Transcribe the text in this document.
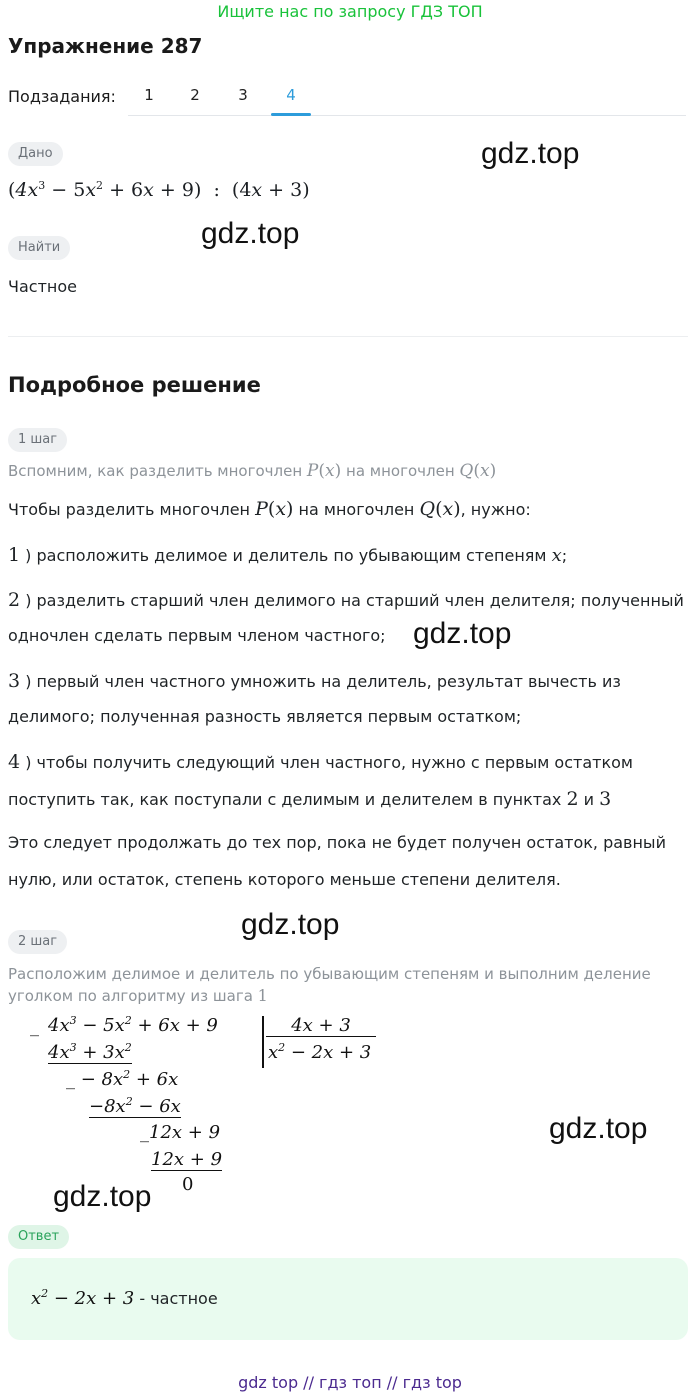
Ищите нас по запросу ГДЗ ТОП
Упражнение 287
Подзадания:	1	2	3	4
Дано	gdz.top
$(4x^3 - 5x^2 + 6x + 9)$  :  (4x + 3)
Найти	gdz.top
Частное
Подробное решение
1 шаг
Вспомним, как разделить многочлен P(x) на многочлен Q(x)
Чтобы разделить многочлен P(x) на многочлен Q(x), нужно:
1 ) расположить делимое и делитель по убывающим степеням x;
2 ) разделить старший член делимого на старший член делителя; полученный
одночлен сделать первым членом частного; gdz.top
3 ) первый член частного умножить на делитель, результат вычесть из
делимого; полученная разность является первым остатком;
4 ) чтобы получить следующий член частного, нужно с первым остатком
поступить так, как поступали с делимым и делителем в пунктах 2 и 3
Это следует продолжать до тех пор, пока не будет получен остаток, равный
нулю, или остаток, степень которого меньше степени делителя.
gdz.top
2 шаг
Расположим делимое и делитель по убывающим степеням и выполним деление
уголком по алгоритму из шага 1
_ $4x^3 - 5x^2 + 6x + 9$	4x + 3
$x^2 - 2x + 3$
$4x^3 + 3x^2$
_ − $8x^2 + 6x$
$-8x^2 - 6x$
_12x + 9
12x + 9
0
gdz.top
gdz.top
Ответ
$x^2 - 2x + 3$ - частное
gdz top // гдз топ // гдз top
